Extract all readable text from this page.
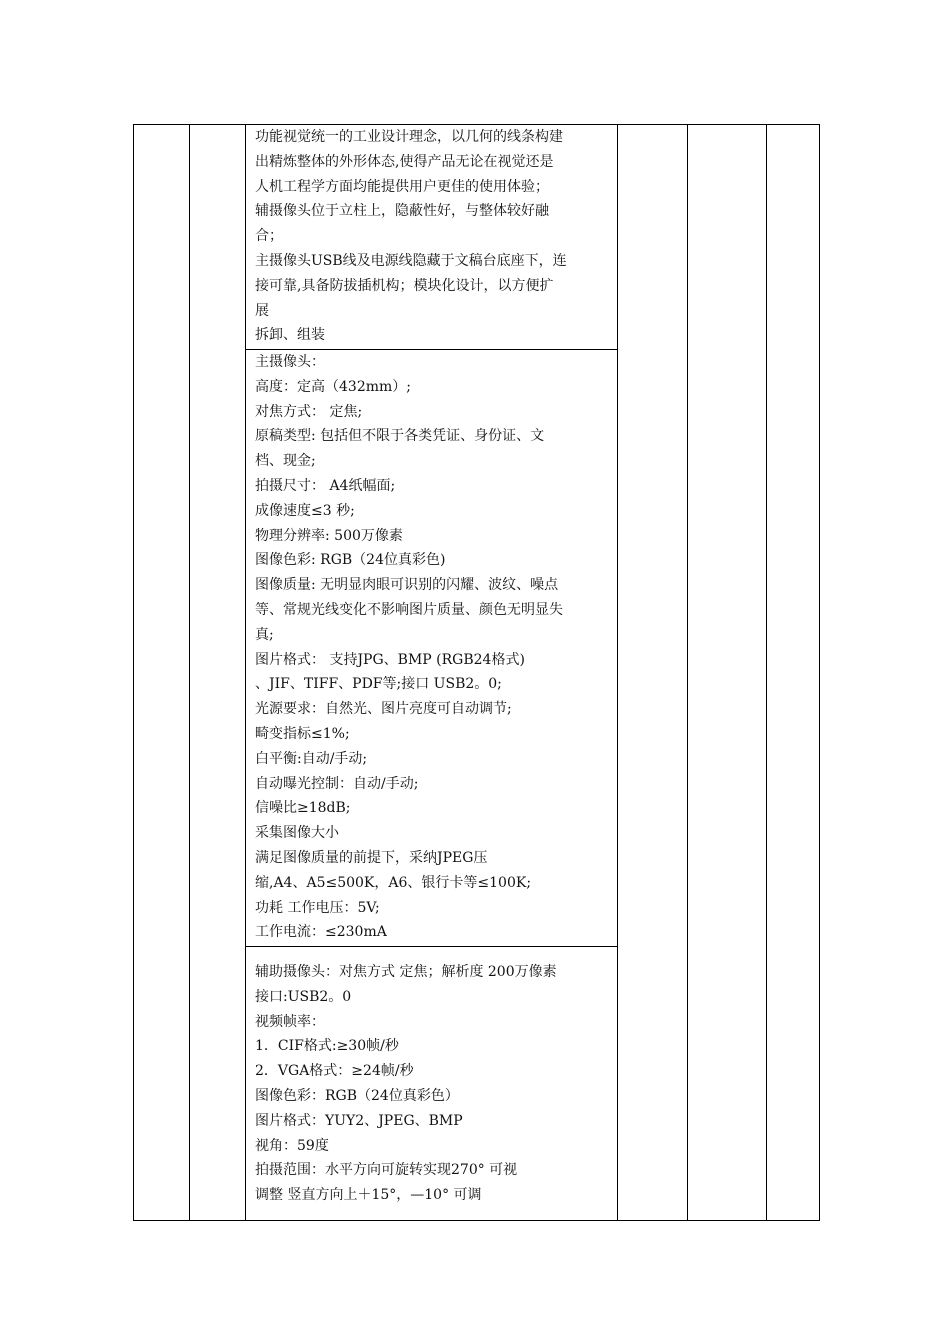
功能视觉统一的工业设计理念，以几何的线条构建
出精炼整体的外形体态,使得产品无论在视觉还是
人机工程学方面均能提供用户更佳的使用体验；
辅摄像头位于立柱上，隐蔽性好，与整体较好融
合；
主摄像头USB线及电源线隐藏于文稿台底座下，连
接可靠,具备防拔插机构；模块化设计，以方便扩
展
拆卸、组装
主摄像头：
高度：定高（432mm）;
对焦方式： 定焦;
原稿类型: 包括但不限于各类凭证、身份证、文
档、现金;
拍摄尺寸： A4纸幅面;
成像速度≤3 秒;
物理分辨率: 500万像素
图像色彩: RGB（24位真彩色)
图像质量: 无明显肉眼可识别的闪耀、波纹、噪点
等、常规光线变化不影响图片质量、颜色无明显失
真;
图片格式： 支持JPG、BMP (RGB24格式)
、JIF、TIFF、PDF等;接口 USB2。0;
光源要求：自然光、图片亮度可自动调节;
畸变指标≤1%;
白平衡:自动/手动;
自动曝光控制：自动/手动;
信噪比≥18dB;
采集图像大小
满足图像质量的前提下，采纳JPEG压
缩,A4、A5≤500K，A6、银行卡等≤100K;
功耗 工作电压：5V;
工作电流：≤230mA
辅助摄像头：对焦方式 定焦；解析度 200万像素
接口:USB2。0
视频帧率：
1．CIF格式:≥30帧/秒
2．VGA格式：≥24帧/秒
图像色彩：RGB（24位真彩色）
图片格式：YUY2、JPEG、BMP
视角：59度
拍摄范围：水平方向可旋转实现270° 可视
调整 竖直方向上＋15°，—10° 可调
